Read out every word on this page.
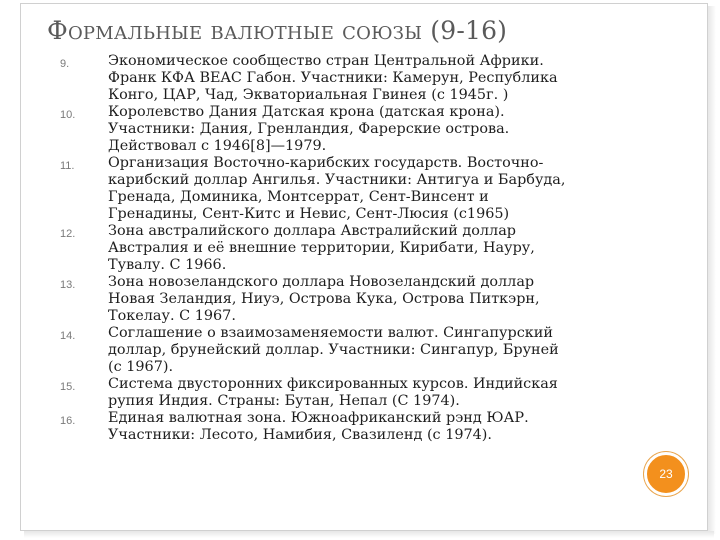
Формальные валютные союзы (9-16)
9.	Экономическое сообщество стран Центральной Африки.
Франк КФА BEAC Габон. Участники: Камерун, Республика
Конго, ЦАР, Чад, Экваториальная Гвинея (с 1945г. )
10.	Королевство Дания Датская крона (датская крона).
Участники: Дания, Гренландия, Фарерские острова.
Действовал с 1946[8]—1979.
11.	Организация Восточно-карибских государств. Восточно-
карибский доллар Ангилья. Участники: Антигуа и Барбуда,
Гренада, Доминика, Монтсеррат, Сент-Винсент и
Гренадины, Сент-Китс и Невис, Сент-Люсия (с1965)
12.	Зона австралийского доллара Австралийский доллар
Австралия и её внешние территории, Кирибати, Науру,
Тувалу. С 1966.
13.	Зона новозеландского доллара Новозеландский доллар
Новая Зеландия, Ниуэ, Острова Кука, Острова Питкэрн,
Токелау. С 1967.
14.	Соглашение о взаимозаменяемости валют. Сингапурский
доллар, брунейский доллар. Участники: Сингапур, Бруней
(с 1967).
15.	Система двусторонних фиксированных курсов. Индийская
рупия Индия. Страны: Бутан, Непал (С 1974).
16.	Единая валютная зона. Южноафриканский рэнд ЮАР.
Участники: Лесото, Намибия, Свазиленд (с 1974).
23
